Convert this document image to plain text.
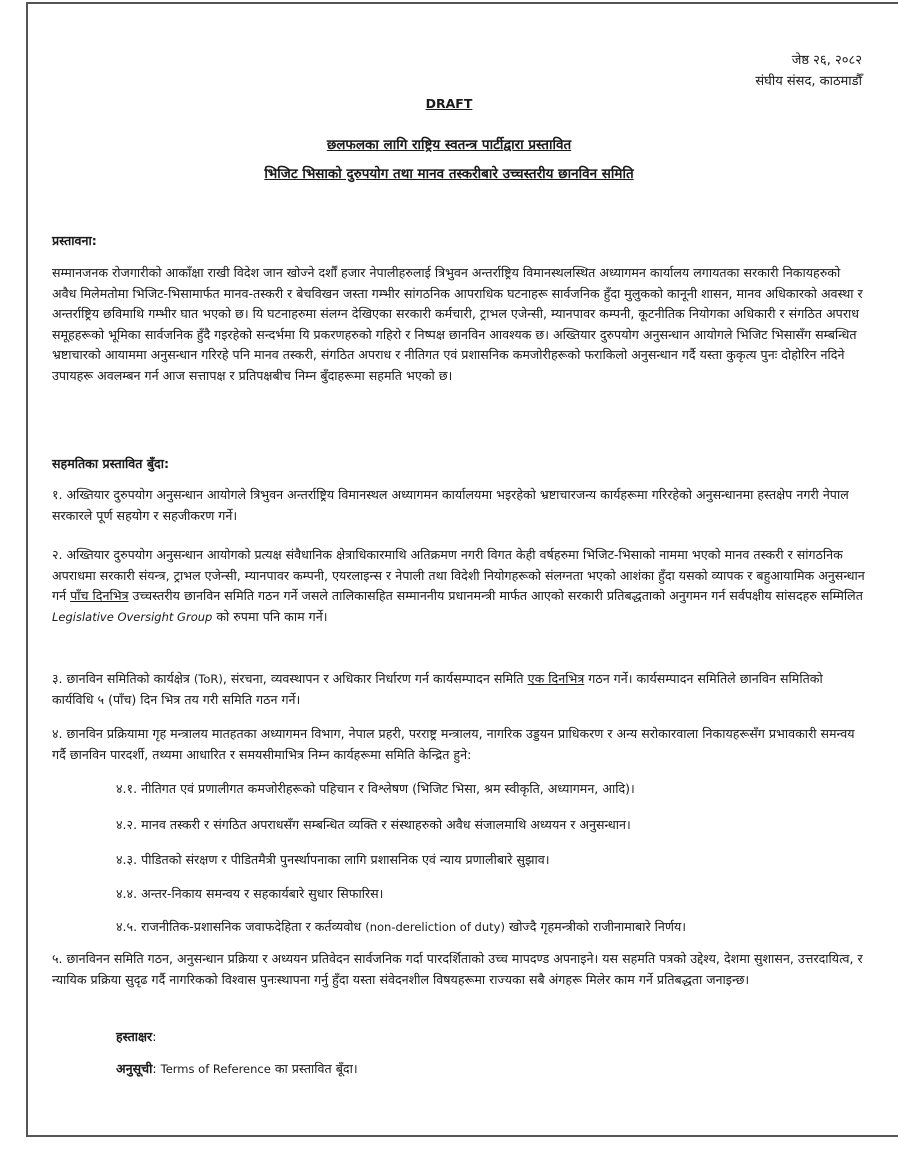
जेष्ठ २६, २०८२
संघीय संसद, काठमाडौँ
DRAFT
छलफलका लागि राष्ट्रिय स्वतन्त्र पार्टीद्वारा प्रस्तावित
भिजिट भिसाको दुरुपयोग तथा मानव तस्करीबारे उच्चस्तरीय छानविन समिति
प्रस्तावना:

सम्मानजनक रोजगारीको आकाँक्षा राखी विदेश जान खोज्ने दर्शौं हजार नेपालीहरुलाई त्रिभुवन अन्तर्राष्ट्रिय विमानस्थलस्थित अध्यागमन कार्यालय लगायतका सरकारी निकायहरुको अवैध मिलेमतोमा भिजिट-भिसामार्फत मानव-तस्करी र बेचविखन जस्ता गम्भीर सांगठनिक आपराधिक घटनाहरू सार्वजनिक हुँदा मुलुकको कानूनी शासन, मानव अधिकारको अवस्था र अन्तर्राष्ट्रिय छविमाथि गम्भीर घात भएको छ। यि घटनाहरुमा संलग्न देखिएका सरकारी कर्मचारी, ट्राभल एजेन्सी, म्यानपावर कम्पनी, कूटनीतिक नियोगका अधिकारी र संगठित अपराध समूहहरूको भूमिका सार्वजनिक हुँदै गइरहेको सन्दर्भमा यि प्रकरणहरुको गहिरो र निष्पक्ष छानविन आवश्यक छ। अख्तियार दुरुपयोग अनुसन्धान आयोगले भिजिट भिसासँग सम्बन्धित भ्रष्टाचारको आयाममा अनुसन्धान गरिरहे पनि मानव तस्करी, संगठित अपराध र नीतिगत एवं प्रशासनिक कमजोरीहरूको फराकिलो अनुसन्धान गर्दै यस्ता कुकृत्य पुनः दोहोरिन नदिने उपायहरू अवलम्बन गर्न आज सत्तापक्ष र प्रतिपक्षबीच निम्न बुँदाहरूमा सहमति भएको छ।

सहमतिका प्रस्तावित बुँदा:

१. अख्तियार दुरुपयोग अनुसन्धान आयोगले त्रिभुवन अन्तर्राष्ट्रिय विमानस्थल अध्यागमन कार्यालयमा भइरहेको भ्रष्टाचारजन्य कार्यहरूमा गरिरहेको अनुसन्धानमा हस्तक्षेप नगरी नेपाल सरकारले पूर्ण सहयोग र सहजीकरण गर्ने।

२. अख्तियार दुरुपयोग अनुसन्धान आयोगको प्रत्यक्ष संवैधानिक क्षेत्राधिकारमाथि अतिक्रमण नगरी विगत केही वर्षहरुमा भिजिट-भिसाको नाममा भएको मानव तस्करी र सांगठनिक अपराधमा सरकारी संयन्त्र, ट्राभल एजेन्सी, म्यानपावर कम्पनी, एयरलाइन्स र नेपाली तथा विदेशी नियोगहरूको संलग्नता भएको आशंका हुँदा यसको व्यापक र बहुआयामिक अनुसन्धान गर्न पाँच दिनभित्र उच्चस्तरीय छानविन समिति गठन गर्ने जसले तालिकासहित सम्माननीय प्रधानमन्त्री मार्फत आएको सरकारी प्रतिबद्धताको अनुगमन गर्न सर्वपक्षीय सांसदहरु सम्मिलित Legislative Oversight Group को रुपमा पनि काम गर्ने।

३. छानविन समितिको कार्यक्षेत्र (ToR), संरचना, व्यवस्थापन र अधिकार निर्धारण गर्न कार्यसम्पादन समिति एक दिनभित्र गठन गर्ने। कार्यसम्पादन समितिले छानविन समितिको कार्यविधि ५ (पाँच) दिन भित्र तय गरी समिति गठन गर्ने।

४. छानविन प्रक्रियामा गृह मन्त्रालय मातहतका अध्यागमन विभाग, नेपाल प्रहरी, परराष्ट्र मन्त्रालय, नागरिक उड्डयन प्राधिकरण र अन्य सरोकारवाला निकायहरूसँग प्रभावकारी समन्वय गर्दै छानविन पारदर्शी, तथ्यमा आधारित र समयसीमाभित्र निम्न कार्यहरूमा समिति केन्द्रित हुने:

४.१. नीतिगत एवं प्रणालीगत कमजोरीहरूको पहिचान र विश्लेषण (भिजिट भिसा, श्रम स्वीकृति, अध्यागमन, आदि)।
४.२. मानव तस्करी र संगठित अपराधसँग सम्बन्धित व्यक्ति र संस्थाहरुको अवैध संजालमाथि अध्ययन र अनुसन्धान।
४.३. पीडितको संरक्षण र पीडितमैत्री पुनर्स्थापनाका लागि प्रशासनिक एवं न्याय प्रणालीबारे सुझाव।
४.४. अन्तर-निकाय समन्वय र सहकार्यबारे सुधार सिफारिस।
४.५. राजनीतिक-प्रशासनिक जवाफदेहिता र कर्तव्यवोध (non-dereliction of duty) खोज्दै गृहमन्त्रीको राजीनामाबारे निर्णय।

५. छानविनन समिति गठन, अनुसन्धान प्रक्रिया र अध्ययन प्रतिवेदन सार्वजनिक गर्दा पारदर्शिताको उच्च मापदण्ड अपनाइने। यस सहमति पत्रको उद्देश्य, देशमा सुशासन, उत्तरदायित्व, र न्यायिक प्रक्रिया सुदृढ गर्दै नागरिकको विश्वास पुनःस्थापना गर्नु हुँदा यस्ता संवेदनशील विषयहरूमा राज्यका सबै अंगहरू मिलेर काम गर्ने प्रतिबद्धता जनाइन्छ।

हस्ताक्षर:
अनुसूची: Terms of Reference का प्रस्तावित बूँदा।
